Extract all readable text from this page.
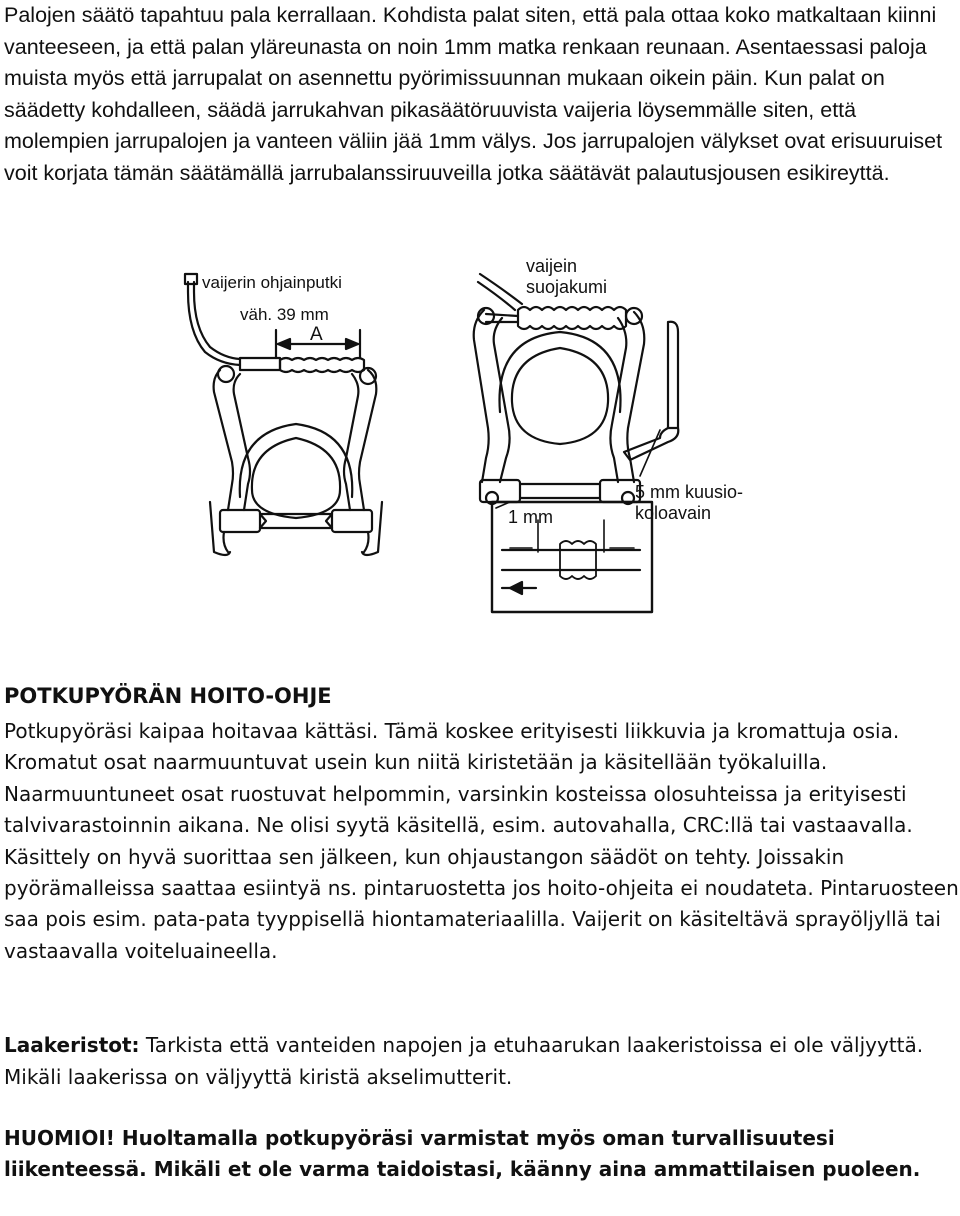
Palojen säätö tapahtuu pala kerrallaan. Kohdista palat siten, että pala ottaa koko matkaltaan kiinni vanteeseen, ja että palan yläreunasta on noin 1mm matka renkaan reunaan. Asentaessasi paloja muista myös että jarrupalat on asennettu pyörimissuunnan mukaan oikein päin. Kun palat on säädetty kohdalleen, säädä jarrukahvan pikasäätöruuvista vaijeria löysemmälle siten, että molempien jarrupalojen ja vanteen väliin jää 1mm välys. Jos jarrupalojen välykset ovat erisuuruiset voit korjata tämän säätämällä jarrubalanssiruuveilla jotka säätävät palautusjousen esikireyttä.

vaijerin ohjainputki
väh. 39 mm
A
vaijein
suojakumi
5 mm kuusio-
koloavain
1 mm
POTKUPYÖRÄN HOITO-OHJE

Potkupyöräsi kaipaa hoitavaa kättäsi. Tämä koskee erityisesti liikkuvia ja kromattuja osia. Kromatut osat naarmuuntuvat usein kun niitä kiristetään ja käsitellään työkaluilla. Naarmuuntuneet osat ruostuvat helpommin, varsinkin kosteissa olosuhteissa ja erityisesti talvivarastoinnin aikana. Ne olisi syytä käsitellä, esim. autovahalla, CRC:llä tai vastaavalla. Käsittely on hyvä suorittaa sen jälkeen, kun ohjaustangon säädöt on tehty. Joissakin pyörämalleissa saattaa esiintyä ns. pintaruostetta jos hoito-ohjeita ei noudateta. Pintaruosteen saa pois esim. pata-pata tyyppisellä hiontamateriaalilla. Vaijerit on käsiteltävä sprayöljyllä tai vastaavalla voiteluaineella.

Laakeristot: Tarkista että vanteiden napojen ja etuhaarukan laakeristoissa ei ole väljyyttä. Mikäli laakerissa on väljyyttä kiristä akselimutterit.

HUOMIOI! Huoltamalla potkupyöräsi varmistat myös oman turvallisuutesi liikenteessä. Mikäli et ole varma taidoistasi, käänny aina ammattilaisen puoleen.
